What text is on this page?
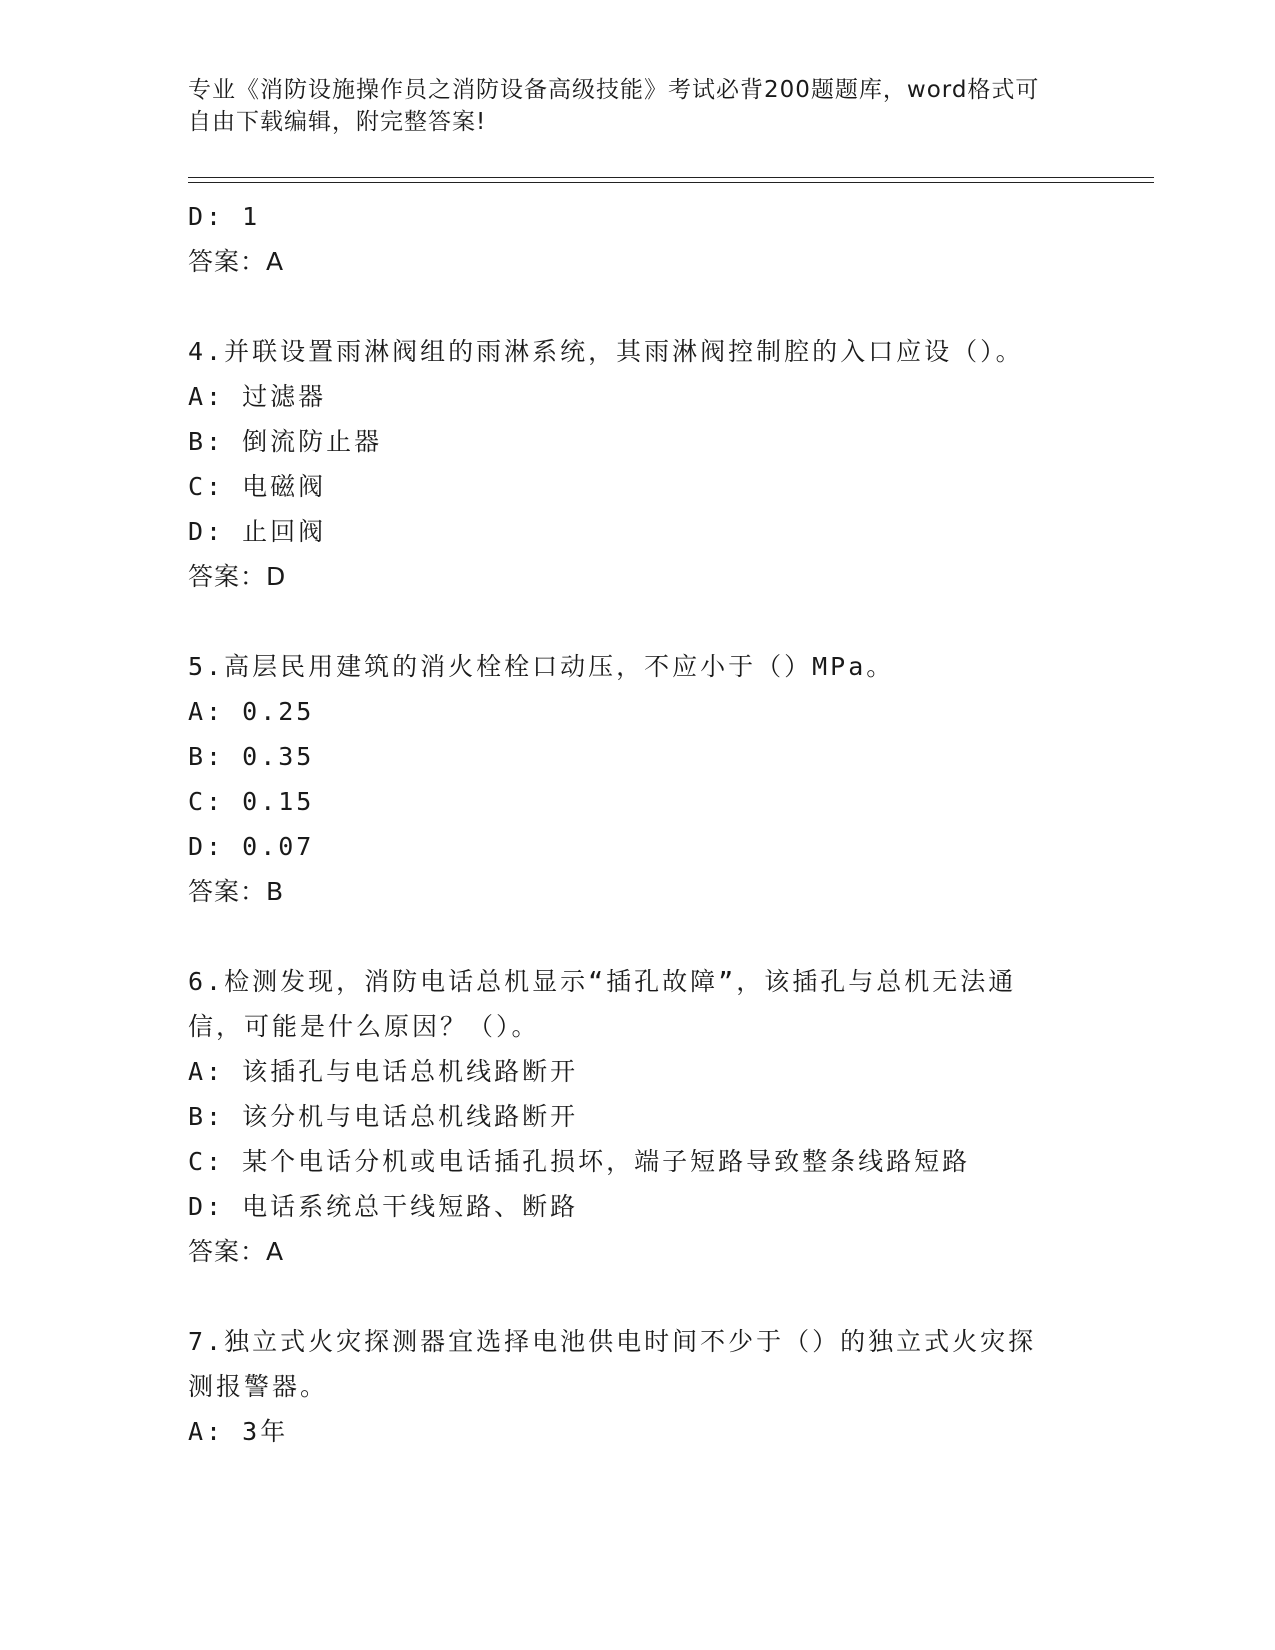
专业《消防设施操作员之消防设备高级技能》考试必背200题题库，word格式可
自由下载编辑，附完整答案!
D: 1
答案：A
4.并联设置雨淋阀组的雨淋系统，其雨淋阀控制腔的入口应设（）。
A: 过滤器
B: 倒流防止器
C: 电磁阀
D: 止回阀
答案：D
5.高层民用建筑的消火栓栓口动压，不应小于（）MPa。
A: 0.25
B: 0.35
C: 0.15
D: 0.07
答案：B
6.检测发现，消防电话总机显示“插孔故障”，该插孔与总机无法通
信，可能是什么原因？（）。
A: 该插孔与电话总机线路断开
B: 该分机与电话总机线路断开
C: 某个电话分机或电话插孔损坏，端子短路导致整条线路短路
D: 电话系统总干线短路、断路
答案：A
7.独立式火灾探测器宜选择电池供电时间不少于（）的独立式火灾探
测报警器。
A: 3年
